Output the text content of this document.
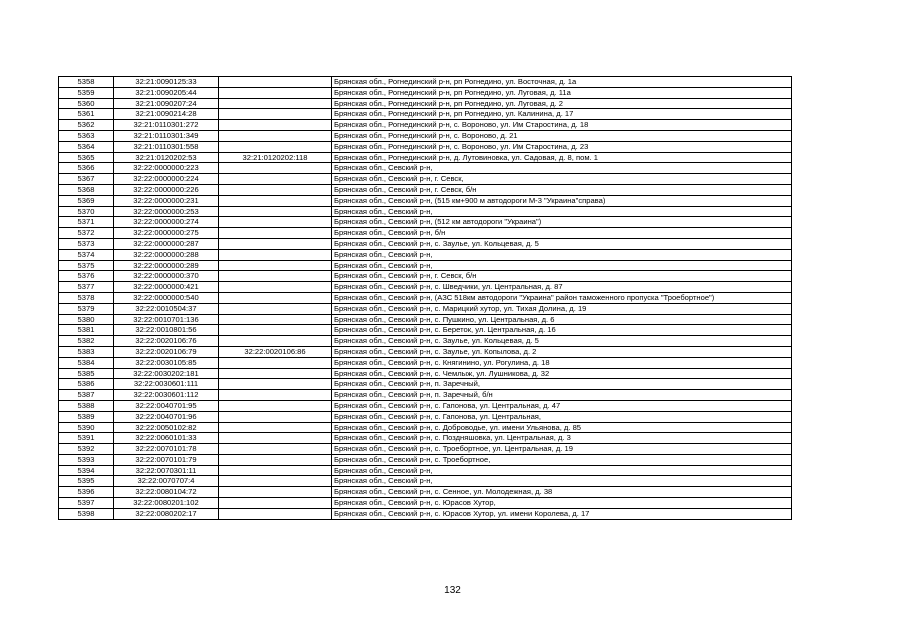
5358	32:21:0090125:33		Брянская обл., Рогнединский р-н, рп Рогнедино, ул. Восточная, д. 1а
5359	32:21:0090205:44		Брянская обл., Рогнединский р-н, рп Рогнедино, ул. Луговая, д. 11а
5360	32:21:0090207:24		Брянская обл., Рогнединский р-н, рп Рогнедино, ул. Луговая, д. 2
5361	32:21:0090214:28		Брянская обл., Рогнединский р-н, рп Рогнедино, ул. Калинина, д. 17
5362	32:21:0110301:272		Брянская обл., Рогнединский р-н, с. Вороново, ул. Им Старостина, д. 18
5363	32:21:0110301:349		Брянская обл., Рогнединский р-н, с. Вороново, д. 21
5364	32:21:0110301:558		Брянская обл., Рогнединский р-н, с. Вороново, ул. Им Старостина, д. 23
5365	32:21:0120202:53	32:21:0120202:118	Брянская обл., Рогнединский р-н, д. Лутовиновка, ул. Садовая, д. 8, пом. 1
5366	32:22:0000000:223		Брянская обл., Севский р-н,
5367	32:22:0000000:224		Брянская обл., Севский р-н, г. Севск,
5368	32:22:0000000:226		Брянская обл., Севский р-н, г. Севск, б/н
5369	32:22:0000000:231		Брянская обл., Севский р-н, (515 км+900 м автодороги М-3 "Украина"справа)
5370	32:22:0000000:253		Брянская обл., Севский р-н,
5371	32:22:0000000:274		Брянская обл., Севский р-н, (512 км автодороги "Украина")
5372	32:22:0000000:275		Брянская обл., Севский р-н, б/н
5373	32:22:0000000:287		Брянская обл., Севский р-н, с. Заулье, ул. Кольцевая, д. 5
5374	32:22:0000000:288		Брянская обл., Севский р-н,
5375	32:22:0000000:289		Брянская обл., Севский р-н,
5376	32:22:0000000:370		Брянская обл., Севский р-н, г. Севск, б/н
5377	32:22:0000000:421		Брянская обл., Севский р-н, с. Шведчики, ул. Центральная, д. 87
5378	32:22:0000000:540		Брянская обл., Севский р-н, (АЗС 518км автодороги "Украина" район таможенного пропуска "Троебортное")
5379	32:22:0010504:37		Брянская обл., Севский р-н, с. Марицкий хутор, ул. Тихая Долина, д. 19
5380	32:22:0010701:136		Брянская обл., Севский р-н, с. Пушкино, ул. Центральная, д. 6
5381	32:22:0010801:56		Брянская обл., Севский р-н, с. Береток, ул. Центральная, д. 16
5382	32:22:0020106:76		Брянская обл., Севский р-н, с. Заулье, ул. Кольцевая, д. 5
5383	32:22:0020106:79	32:22:0020106:86	Брянская обл., Севский р-н, с. Заулье, ул. Копылова, д. 2
5384	32:22:0030105:85		Брянская обл., Севский р-н, с. Княгинино, ул. Рогулина, д. 18
5385	32:22:0030202:181		Брянская обл., Севский р-н, с. Чемлыж, ул. Лушникова, д. 32
5386	32:22:0030601:111		Брянская обл., Севский р-н, п. Заречный,
5387	32:22:0030601:112		Брянская обл., Севский р-н, п. Заречный, б/н
5388	32:22:0040701:95		Брянская обл., Севский р-н, с. Гапонова, ул. Центральная, д. 47
5389	32:22:0040701:96		Брянская обл., Севский р-н, с. Гапонова, ул. Центральная,
5390	32:22:0050102:82		Брянская обл., Севский р-н, с. Доброводье, ул. имени Ульянова, д. 85
5391	32:22:0060101:33		Брянская обл., Севский р-н, с. Поздняшовка, ул. Центральная, д. 3
5392	32:22:0070101:78		Брянская обл., Севский р-н, с. Троебортное, ул. Центральная, д. 19
5393	32:22:0070101:79		Брянская обл., Севский р-н, с. Троебортное,
5394	32:22:0070301:11		Брянская обл., Севский р-н,
5395	32:22:0070707:4		Брянская обл., Севский р-н,
5396	32:22:0080104:72		Брянская обл., Севский р-н, с. Сенное, ул. Молодежная, д. 38
5397	32:22:0080201:102		Брянская обл., Севский р-н, с. Юрасов Хутор,
5398	32:22:0080202:17		Брянская обл., Севский р-н, с. Юрасов Хутор, ул. имени Королева, д. 17
132
